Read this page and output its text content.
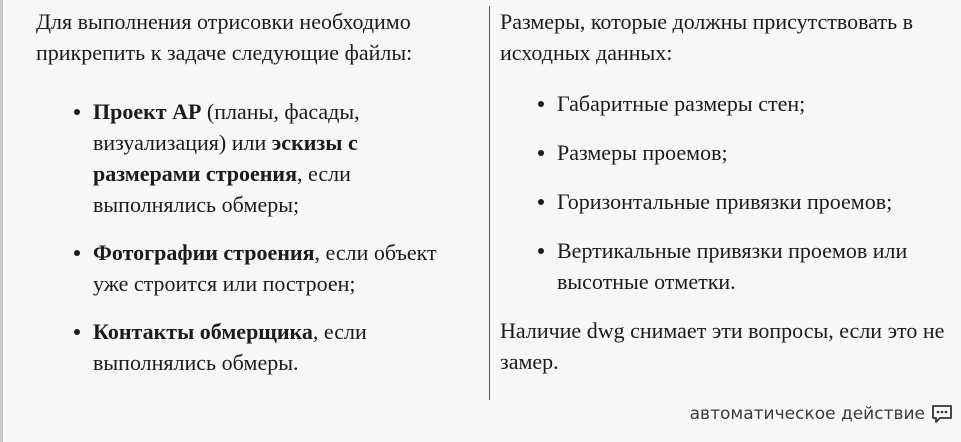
Для выполнения отрисовки необходимо прикрепить к задаче следующие файлы:

Проект АР (планы, фасады, визуализация) или эскизы с размерами строения, если выполнялись обмеры;
Фотографии строения, если объект уже строится или построен;
Контакты обмерщика, если выполнялись обмеры.

Размеры, которые должны присутствовать в исходных данных:

Габаритные размеры стен;
Размеры проемов;
Горизонтальные привязки проемов;
Вертикальные привязки проемов или высотные отметки.

Наличие dwg снимает эти вопросы, если это не замер.

автоматическое действие
